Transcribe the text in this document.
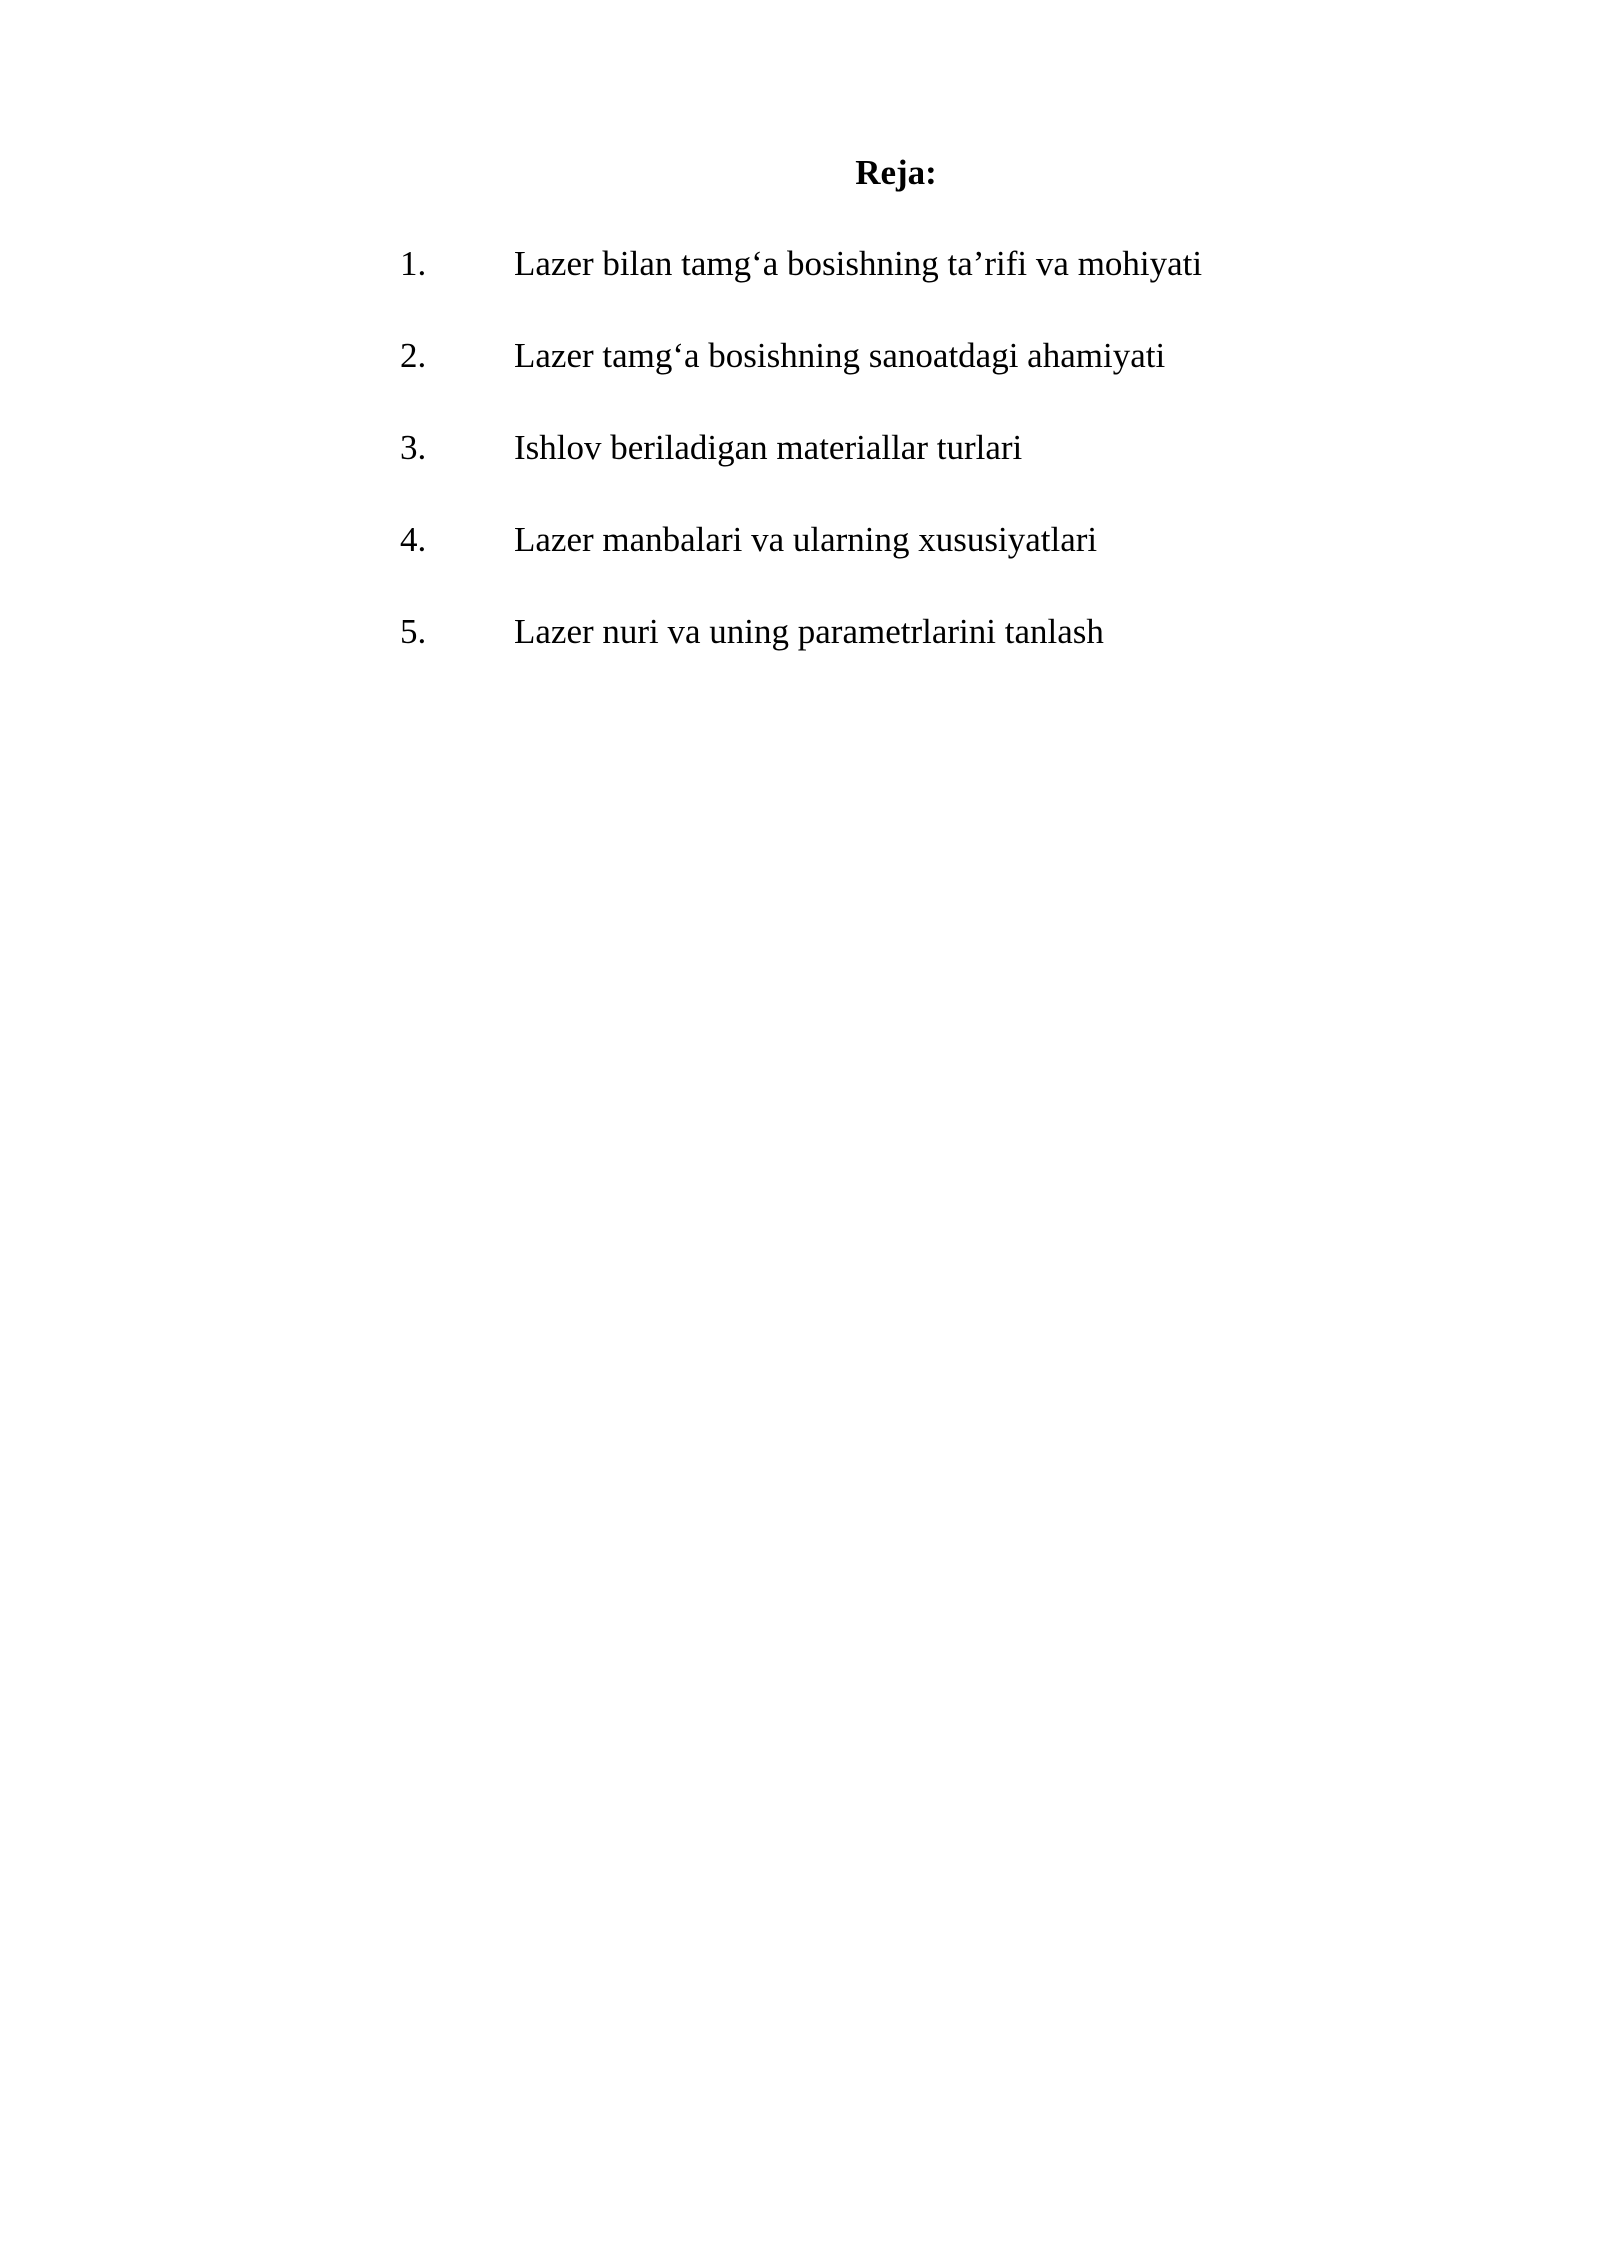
Reja:
1.	Lazer bilan tamg‘a bosishning ta’rifi va mohiyati
2.	Lazer tamg‘a bosishning sanoatdagi ahamiyati
3.	Ishlov beriladigan materiallar turlari
4.	Lazer manbalari va ularning xususiyatlari
5.	Lazer nuri va uning parametrlarini tanlash
